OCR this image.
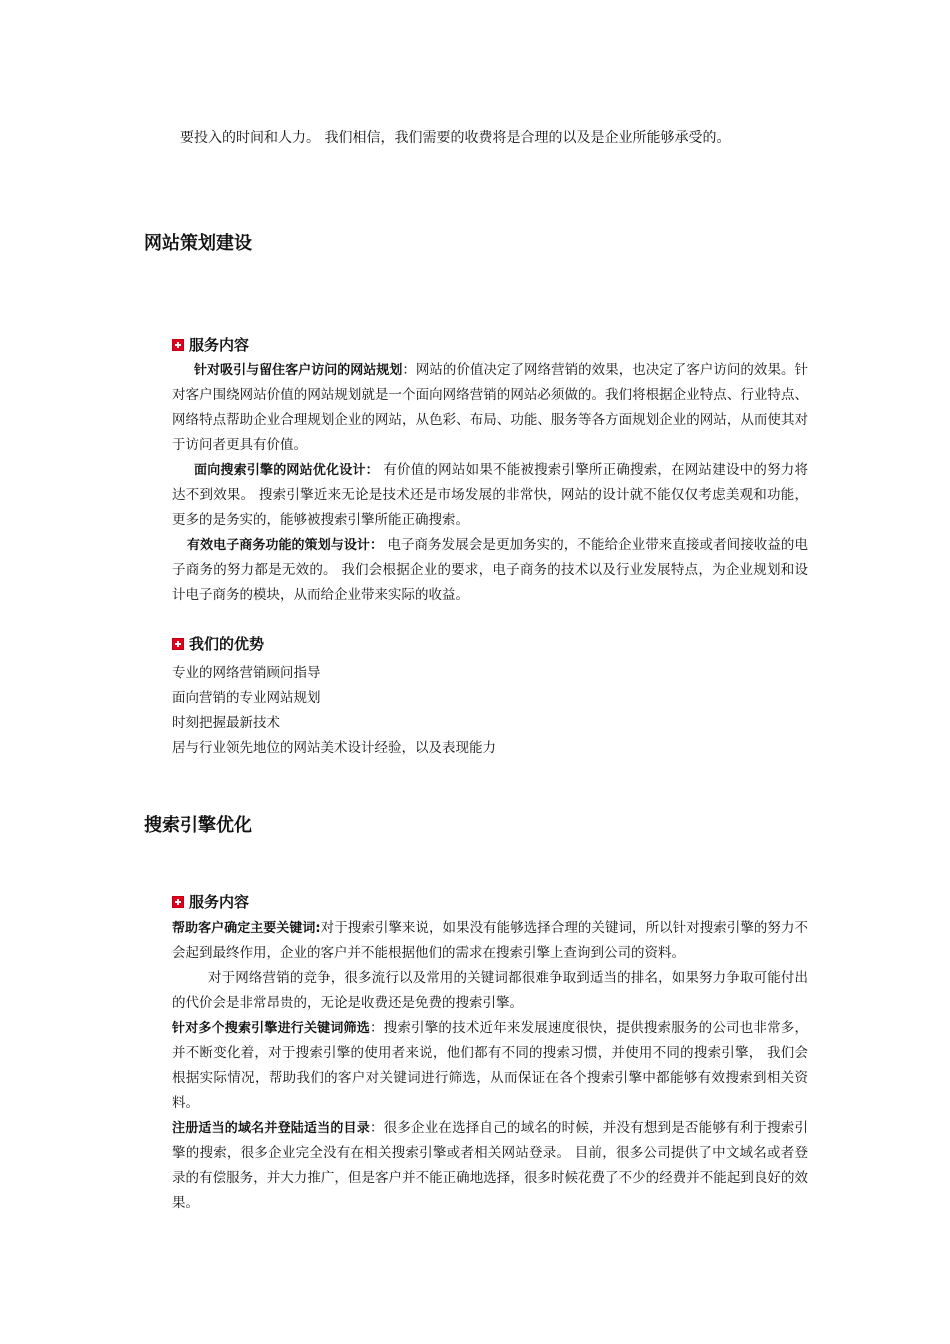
要投入的时间和人力。 我们相信，我们需要的收费将是合理的以及是企业所能够承受的。
网站策划建设
服务内容
针对吸引与留住客户访问的网站规划：网站的价值决定了网络营销的效果，也决定了客户访问的效果。针对客户围绕网站价值的网站规划就是一个面向网络营销的网站必须做的。我们将根据企业特点、行业特点、网络特点帮助企业合理规划企业的网站，从色彩、布局、功能、服务等各方面规划企业的网站，从而使其对于访问者更具有价值。
面向搜索引擎的网站优化设计： 有价值的网站如果不能被搜索引擎所正确搜索，在网站建设中的努力将达不到效果。 搜索引擎近来无论是技术还是市场发展的非常快，网站的设计就不能仅仅考虑美观和功能，更多的是务实的，能够被搜索引擎所能正确搜索。
有效电子商务功能的策划与设计： 电子商务发展会是更加务实的，不能给企业带来直接或者间接收益的电子商务的努力都是无效的。 我们会根据企业的要求，电子商务的技术以及行业发展特点，为企业规划和设计电子商务的模块，从而给企业带来实际的收益。
我们的优势
专业的网络营销顾问指导
面向营销的专业网站规划
时刻把握最新技术
居与行业领先地位的网站美术设计经验，以及表现能力
搜索引擎优化
服务内容
帮助客户确定主要关键词:对于搜索引擎来说，如果没有能够选择合理的关键词，所以针对搜索引擎的努力不会起到最终作用，企业的客户并不能根据他们的需求在搜索引擎上查询到公司的资料。
对于网络营销的竞争，很多流行以及常用的关键词都很难争取到适当的排名，如果努力争取可能付出的代价会是非常昂贵的，无论是收费还是免费的搜索引擎。
针对多个搜索引擎进行关键词筛选：搜索引擎的技术近年来发展速度很快，提供搜索服务的公司也非常多，并不断变化着，对于搜索引擎的使用者来说，他们都有不同的搜索习惯，并使用不同的搜索引擎， 我们会根据实际情况，帮助我们的客户对关键词进行筛选，从而保证在各个搜索引擎中都能够有效搜索到相关资料。
注册适当的域名并登陆适当的目录：很多企业在选择自己的域名的时候，并没有想到是否能够有利于搜索引擎的搜索，很多企业完全没有在相关搜索引擎或者相关网站登录。 目前，很多公司提供了中文域名或者登录的有偿服务，并大力推广，但是客户并不能正确地选择，很多时候花费了不少的经费并不能起到良好的效果。
